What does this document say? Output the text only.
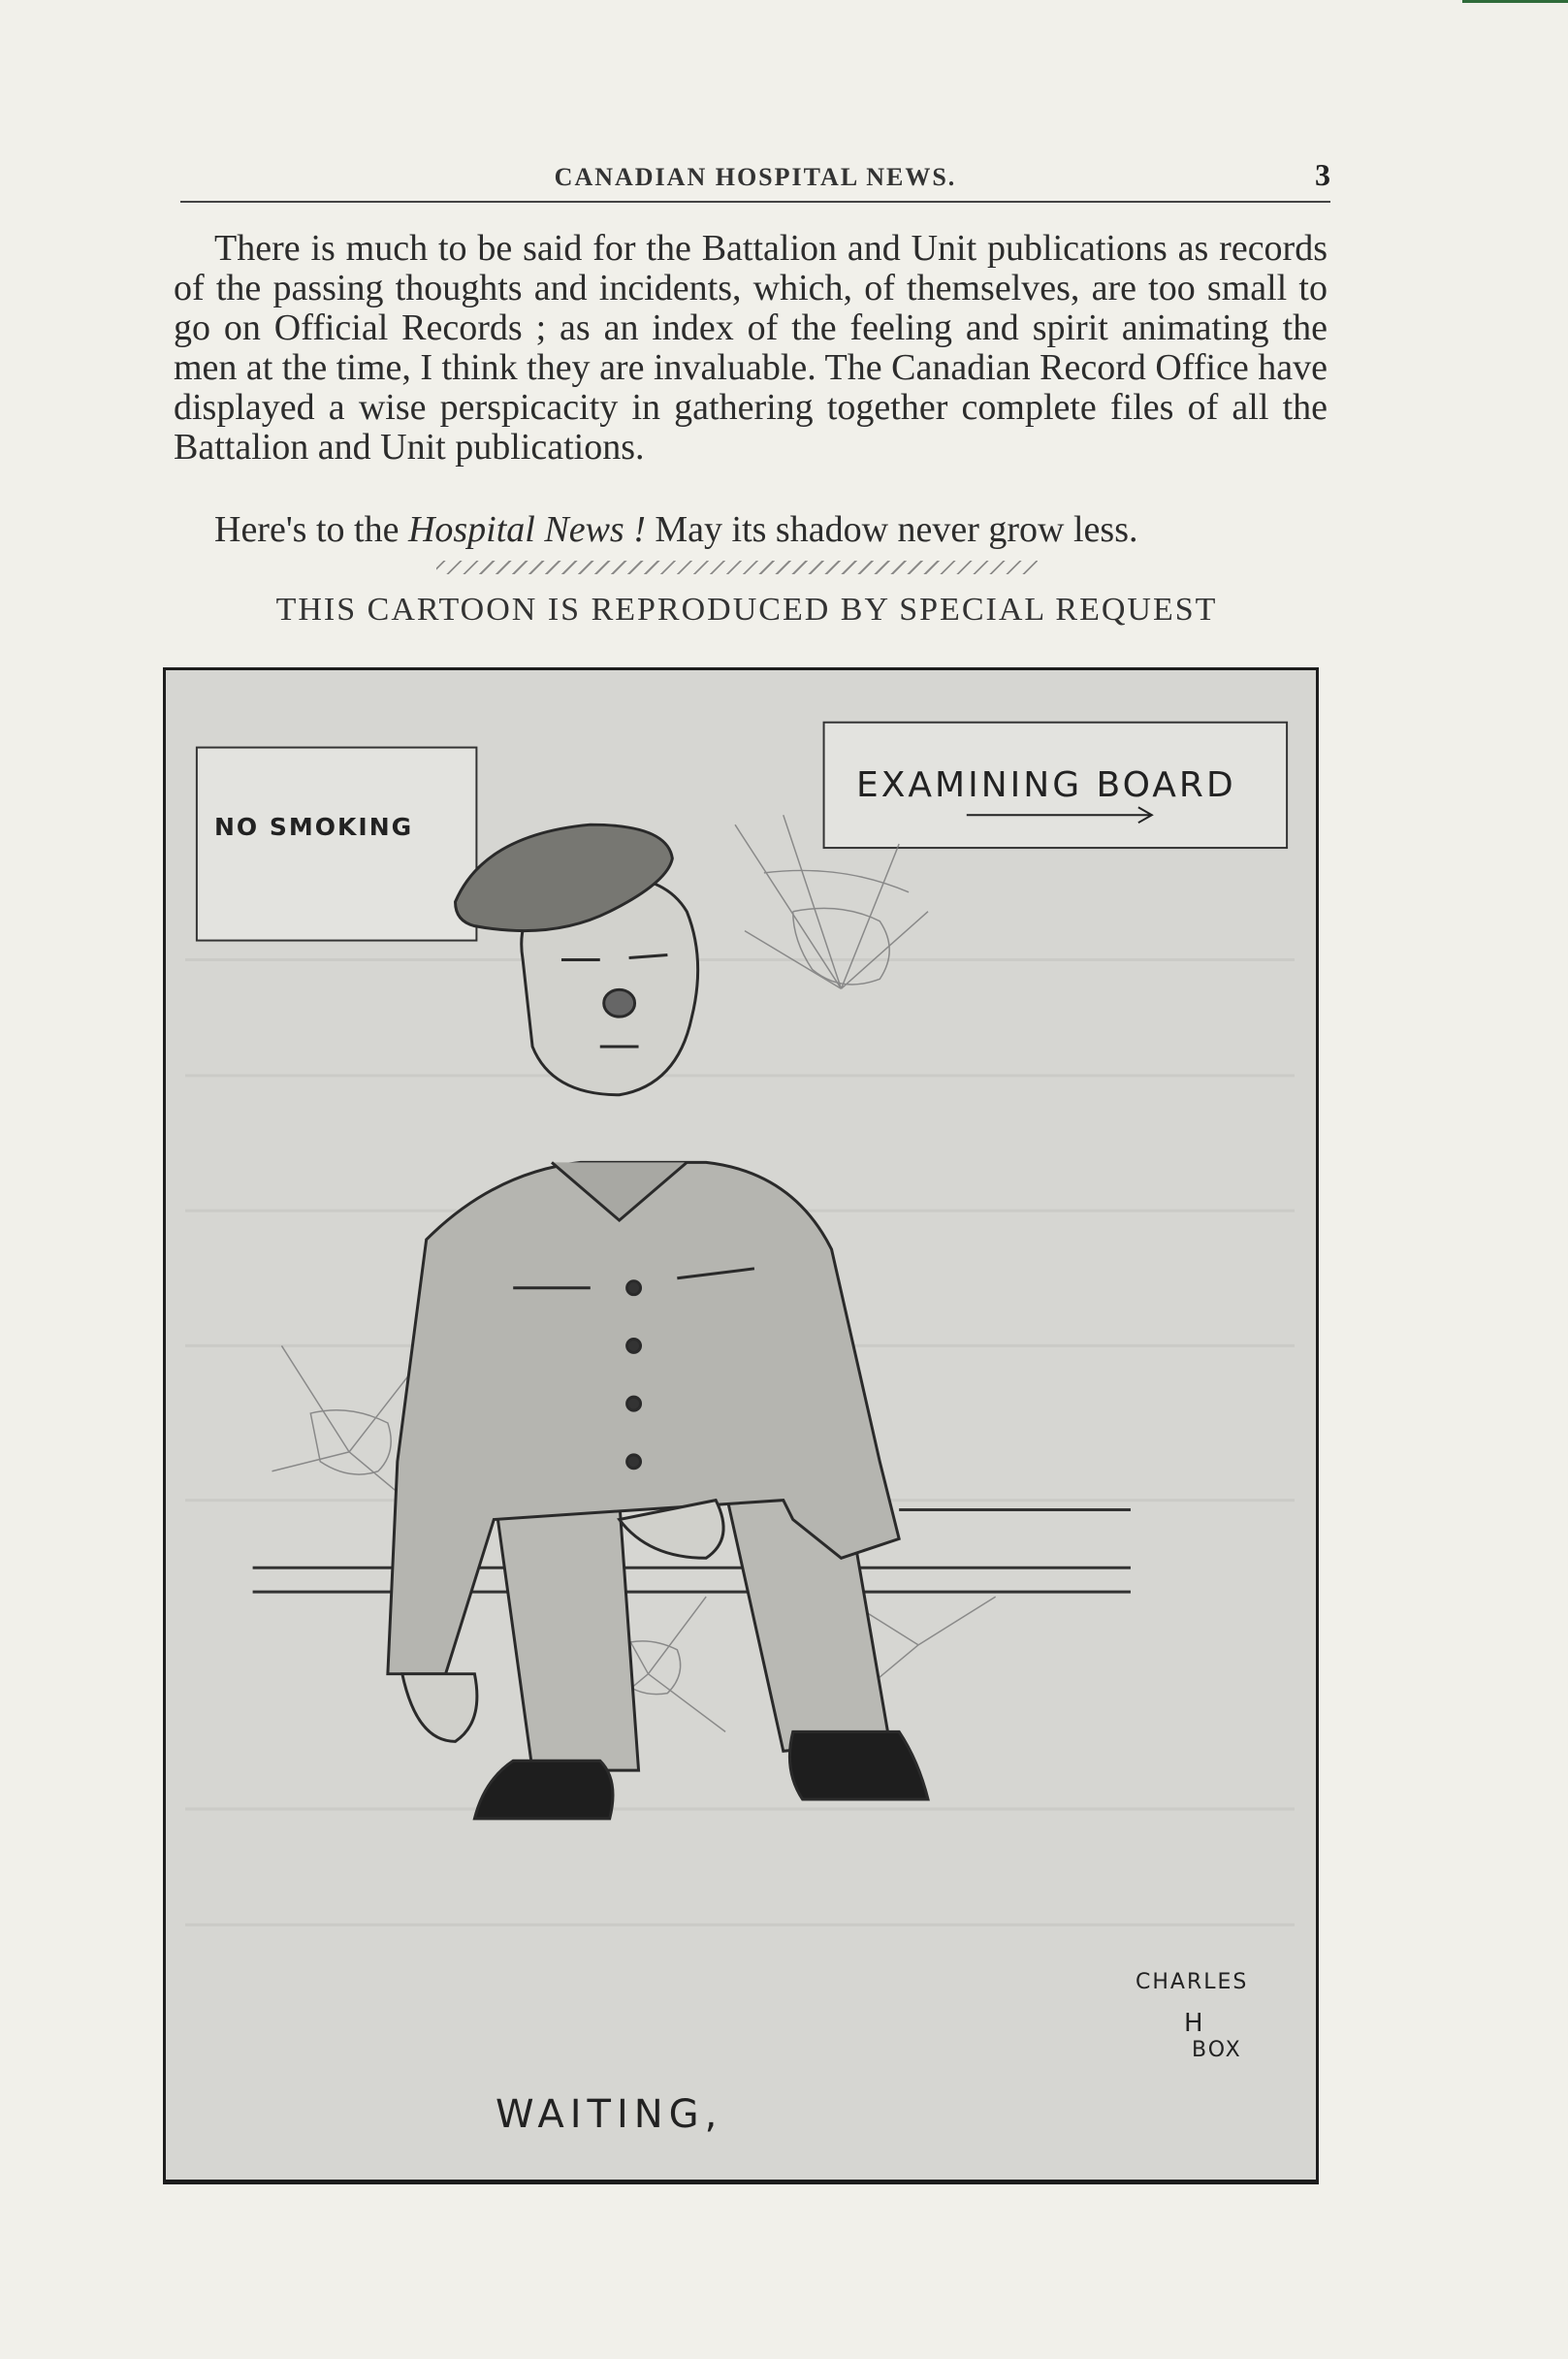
CANADIAN HOSPITAL NEWS.	3

There is much to be said for the Battalion and Unit publications as records of the passing thoughts and incidents, which, of themselves, are too small to go on Official Records ; as an index of the feeling and spirit animating the men at the time, I think they are invaluable. The Canadian Record Office have displayed a wise perspicacity in gathering together complete files of all the Battalion and Unit publications.

Here's to the Hospital News ! May its shadow never grow less.
THIS CARTOON IS REPRODUCED BY SPECIAL REQUEST
NO SMOKING
EXAMINING BOARD
WAITING,
CHARLES
H
BOX
